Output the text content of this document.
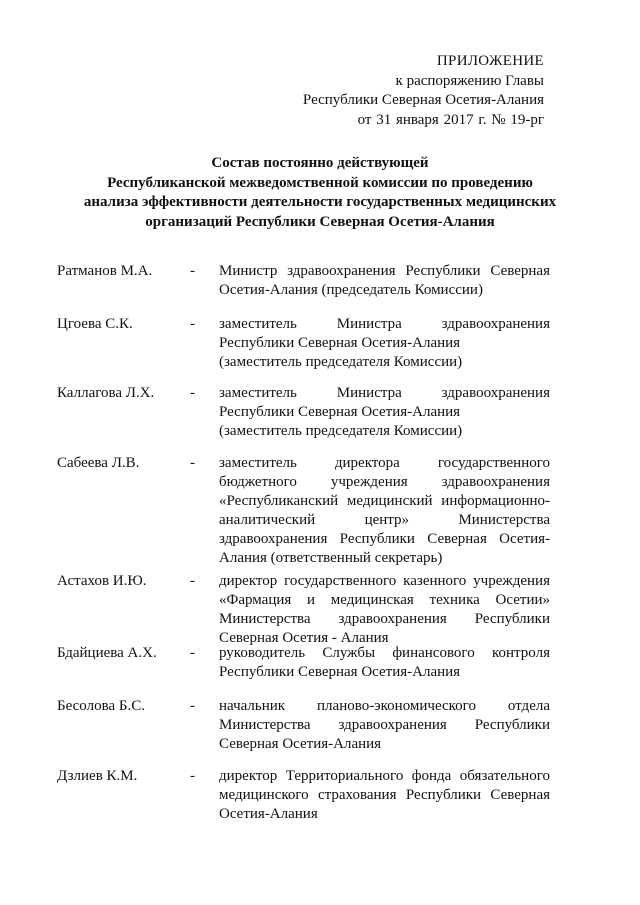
ПРИЛОЖЕНИЕ
к распоряжению Главы
Республики Северная Осетия-Алания
от 31 января 2017 г. № 19-рг
Состав постоянно действующей
Республиканской межведомственной комиссии по проведению
анализа эффективности деятельности государственных медицинских
организаций Республики Северная Осетия-Алания
Ратманов М.А.	- Министр здравоохранения Республики Северная
Осетия-Алания (председатель Комиссии)
Цгоева С.К.	- заместитель Министра здравоохранения
Республики Северная Осетия-Алания
(заместитель председателя Комиссии)
Каллагова Л.Х. - заместитель Министра здравоохранения
Республики Северная Осетия-Алания
(заместитель председателя Комиссии)
Сабеева Л.В.	- заместитель директора государственного
бюджетного учреждения здравоохранения
«Республиканский медицинский информационно-
аналитический центр» Министерства
здравоохранения Республики Северная Осетия-
Алания (ответственный секретарь)
Астахов И.Ю.	- директор государственного казенного учреждения
«Фармация и медицинская техника Осетии»
Министерства здравоохранения Республики
Северная Осетия - Алания
Бдайциева А.Х. - руководитель Службы финансового контроля
Республики Северная Осетия-Алания
Бесолова Б.С.	- начальник планово-экономического отдела
Министерства здравоохранения Республики
Северная Осетия-Алания
Дзлиев К.М.	- директор Территориального фонда обязательного
медицинского страхования Республики Северная
Осетия-Алания
